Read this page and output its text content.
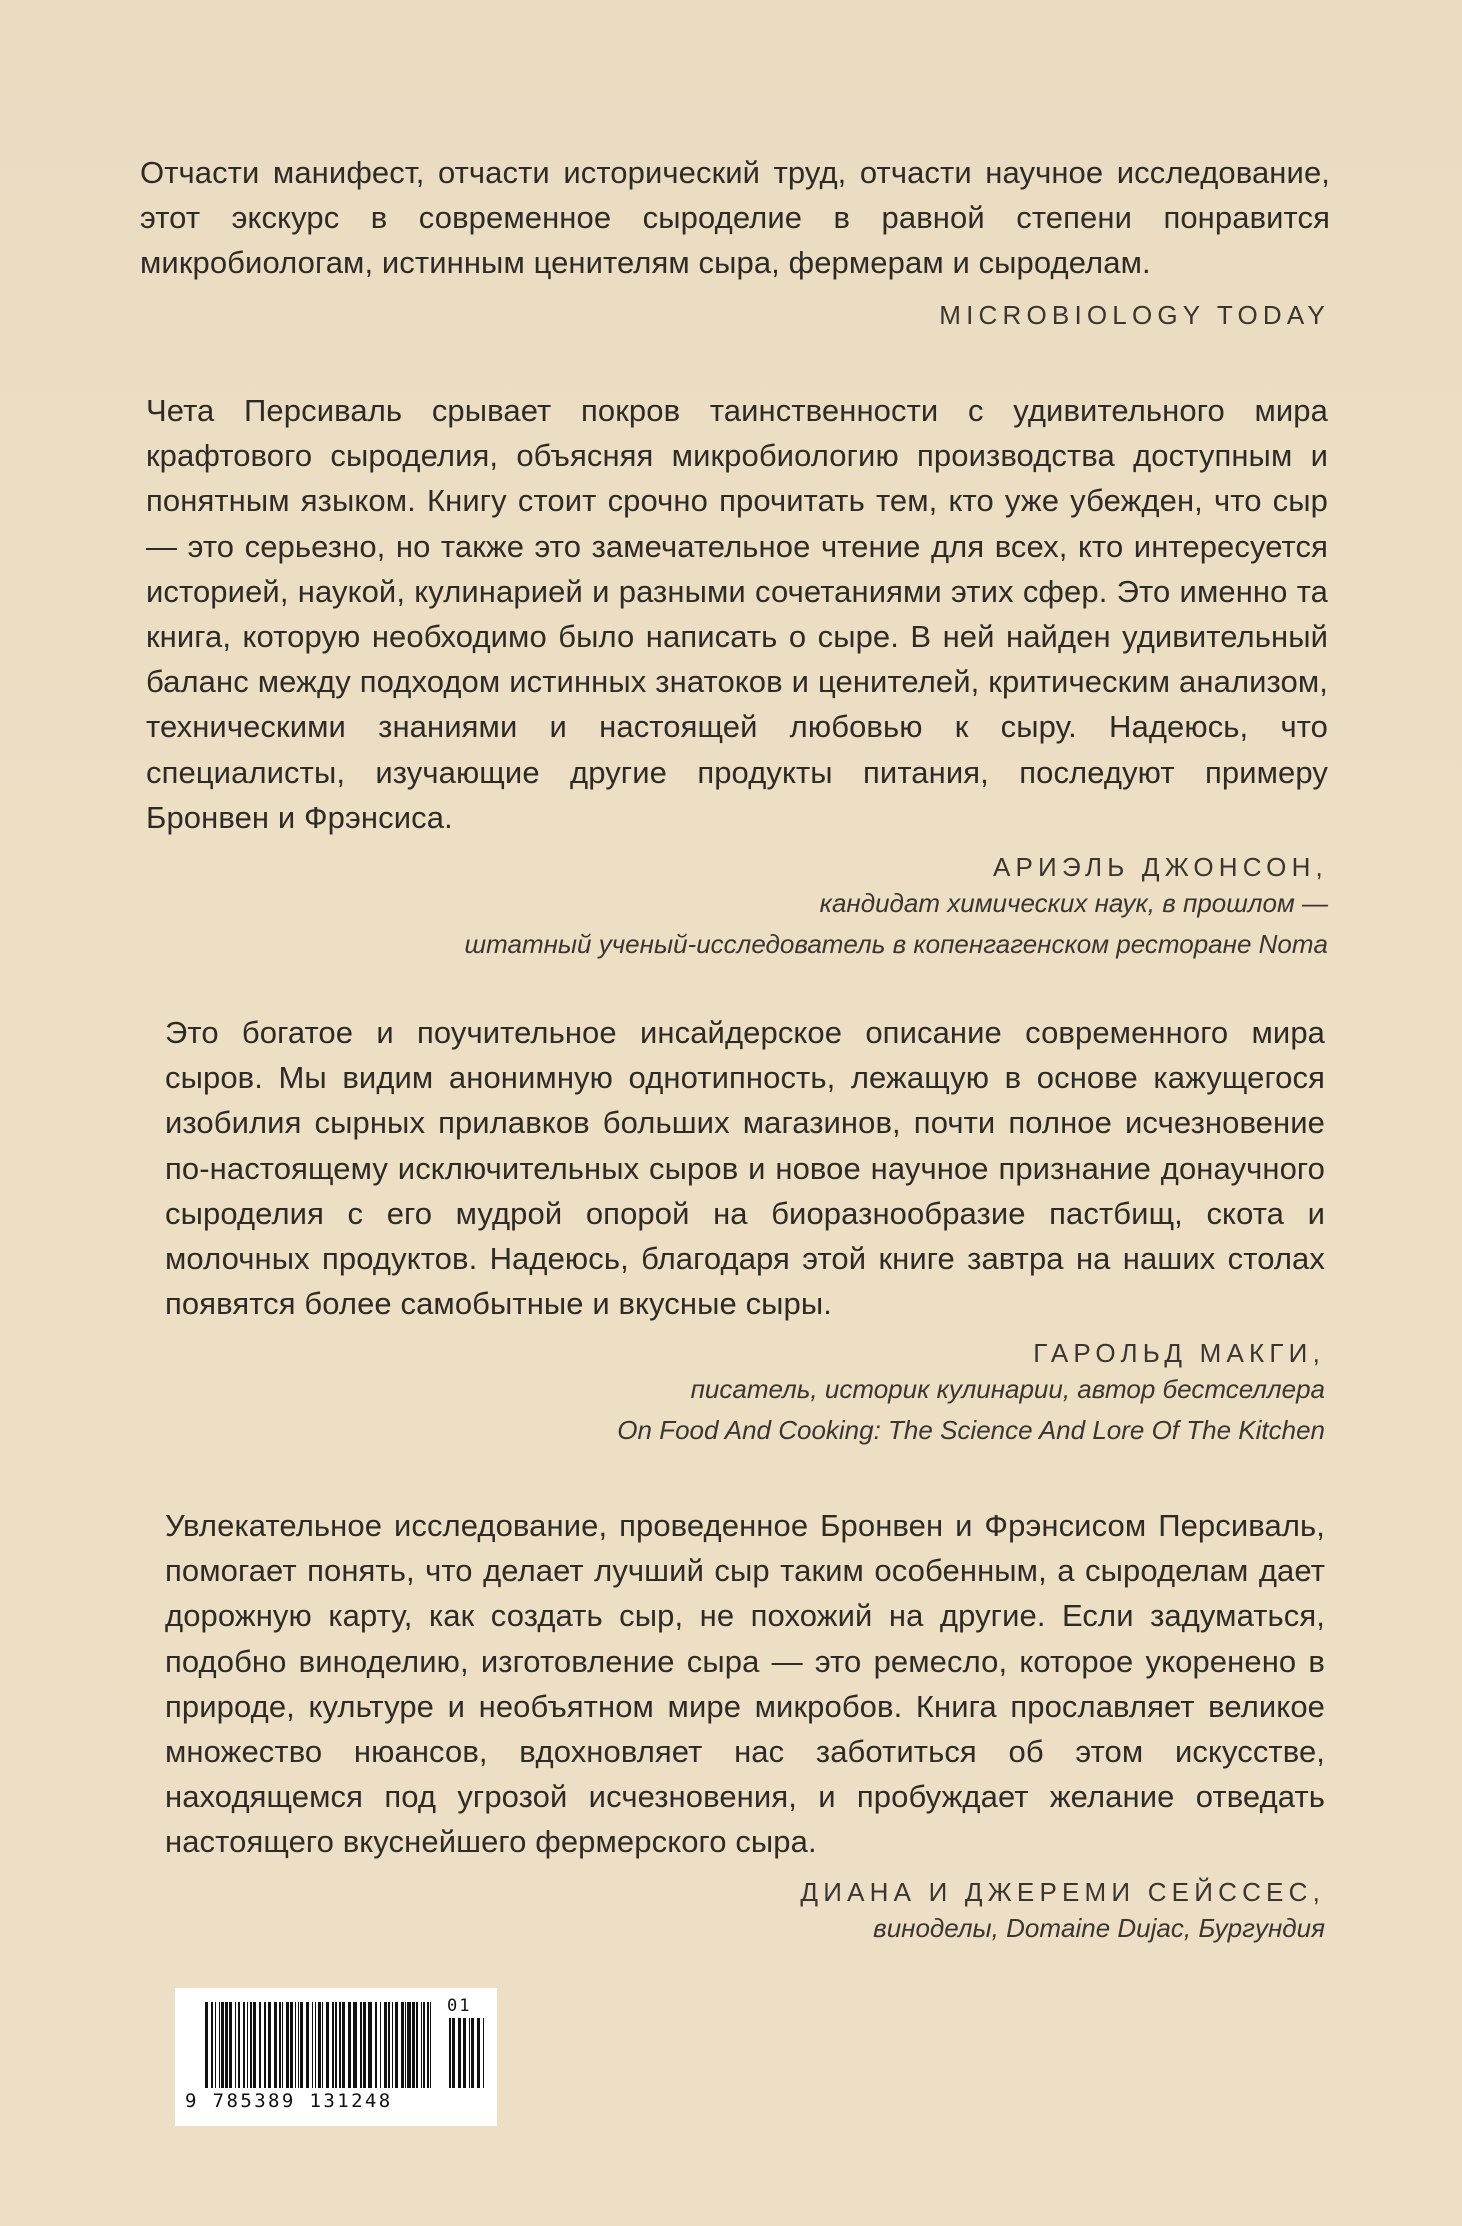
Отчасти манифест, отчасти исторический труд, отчасти научное исследование, этот экскурс в современное сыроделие в равной степени понравится микробиологам, истинным ценителям сыра, фермерам и сыроделам.

MICROBIOLOGY TODAY

Чета Персиваль срывает покров таинственности с удивительного мира крафтового сыроделия, объясняя микробиологию производства доступным и понятным языком. Книгу стоит срочно прочитать тем, кто уже убежден, что сыр — это серьезно, но также это замечательное чтение для всех, кто интересуется историей, наукой, кулинарией и разными сочетаниями этих сфер. Это именно та книга, которую необходимо было написать о сыре. В ней найден удивительный баланс между подходом истинных знатоков и ценителей, критическим анализом, техническими знаниями и настоящей любовью к сыру. Надеюсь, что специалисты, изучающие другие продукты питания, последуют примеру Бронвен и Фрэнсиса.

АРИЭЛЬ ДЖОНСОН,

кандидат химических наук, в прошлом —
штатный ученый-исследователь в копенгагенском ресторане Noma

Это богатое и поучительное инсайдерское описание современного мира сыров. Мы видим анонимную однотипность, лежащую в основе кажущегося изобилия сырных прилавков больших магазинов, почти полное исчезновение по-настоящему исключительных сыров и новое научное признание донаучного сыроделия с его мудрой опорой на биоразнообразие пастбищ, скота и молочных продуктов. Надеюсь, благодаря этой книге завтра на наших столах появятся более самобытные и вкусные сыры.

ГАРОЛЬД МАКГИ,

писатель, историк кулинарии, автор бестселлера
On Food And Cooking: The Science And Lore Of The Kitchen

Увлекательное исследование, проведенное Бронвен и Фрэнсисом Персиваль, помогает понять, что делает лучший сыр таким особенным, а сыроделам дает дорожную карту, как создать сыр, не похожий на другие. Если задуматься, подобно виноделию, изготовление сыра — это ремесло, которое укоренено в природе, культуре и необъятном мире микробов. Книга прославляет великое множество нюансов, вдохновляет нас заботиться об этом искусстве, находящемся под угрозой исчезновения, и пробуждает желание отведать настоящего вкуснейшего фермерского сыра.

ДИАНА И ДЖЕРЕМИ СЕЙССЕС,

виноделы, Domaine Dujac, Бургундия

9 785389 131248
01
